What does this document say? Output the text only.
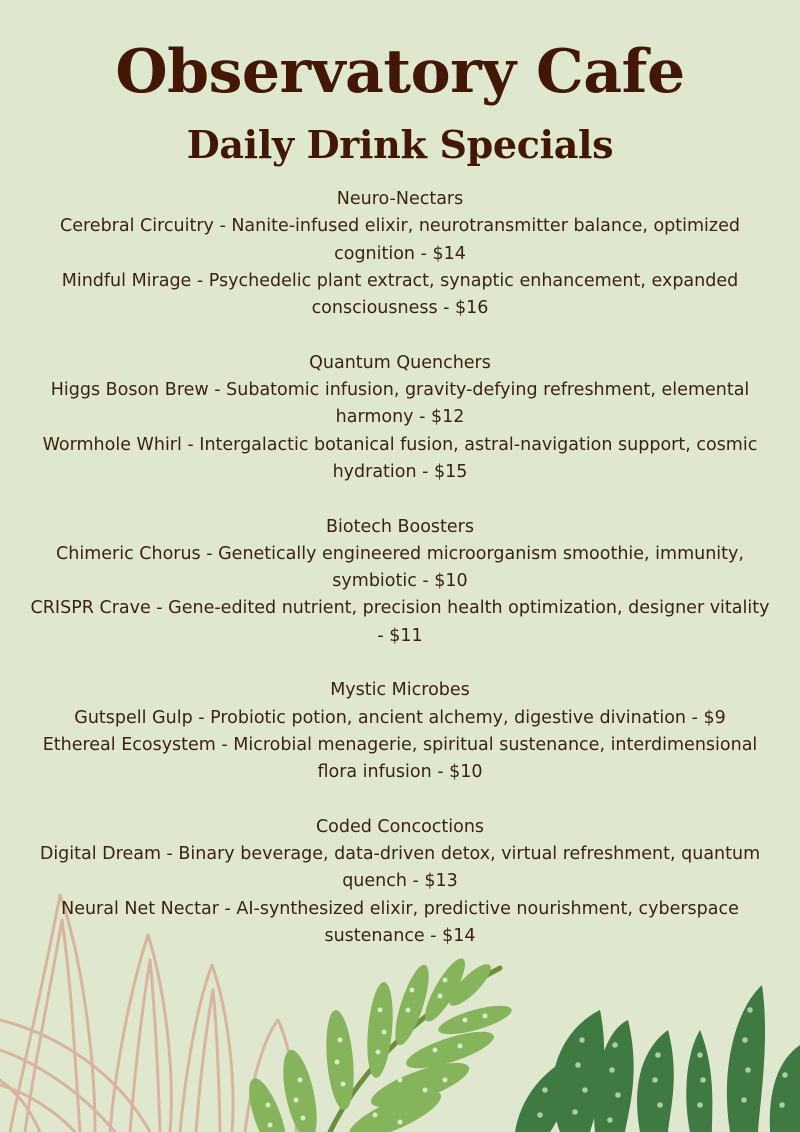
Observatory Cafe
Daily Drink Specials
Neuro-Nectars
Cerebral Circuitry - Nanite-infused elixir, neurotransmitter balance, optimized cognition - $14
Mindful Mirage - Psychedelic plant extract, synaptic enhancement, expanded consciousness - $16
Quantum Quenchers
Higgs Boson Brew - Subatomic infusion, gravity-defying refreshment, elemental harmony - $12
Wormhole Whirl - Intergalactic botanical fusion, astral-navigation support, cosmic hydration - $15
Biotech Boosters
Chimeric Chorus - Genetically engineered microorganism smoothie, immunity, symbiotic - $10
CRISPR Crave - Gene-edited nutrient, precision health optimization, designer vitality - $11
Mystic Microbes
Gutspell Gulp - Probiotic potion, ancient alchemy, digestive divination - $9
Ethereal Ecosystem - Microbial menagerie, spiritual sustenance, interdimensional flora infusion - $10
Coded Concoctions
Digital Dream - Binary beverage, data-driven detox, virtual refreshment, quantum quench - $13
Neural Net Nectar - AI-synthesized elixir, predictive nourishment, cyberspace sustenance - $14
